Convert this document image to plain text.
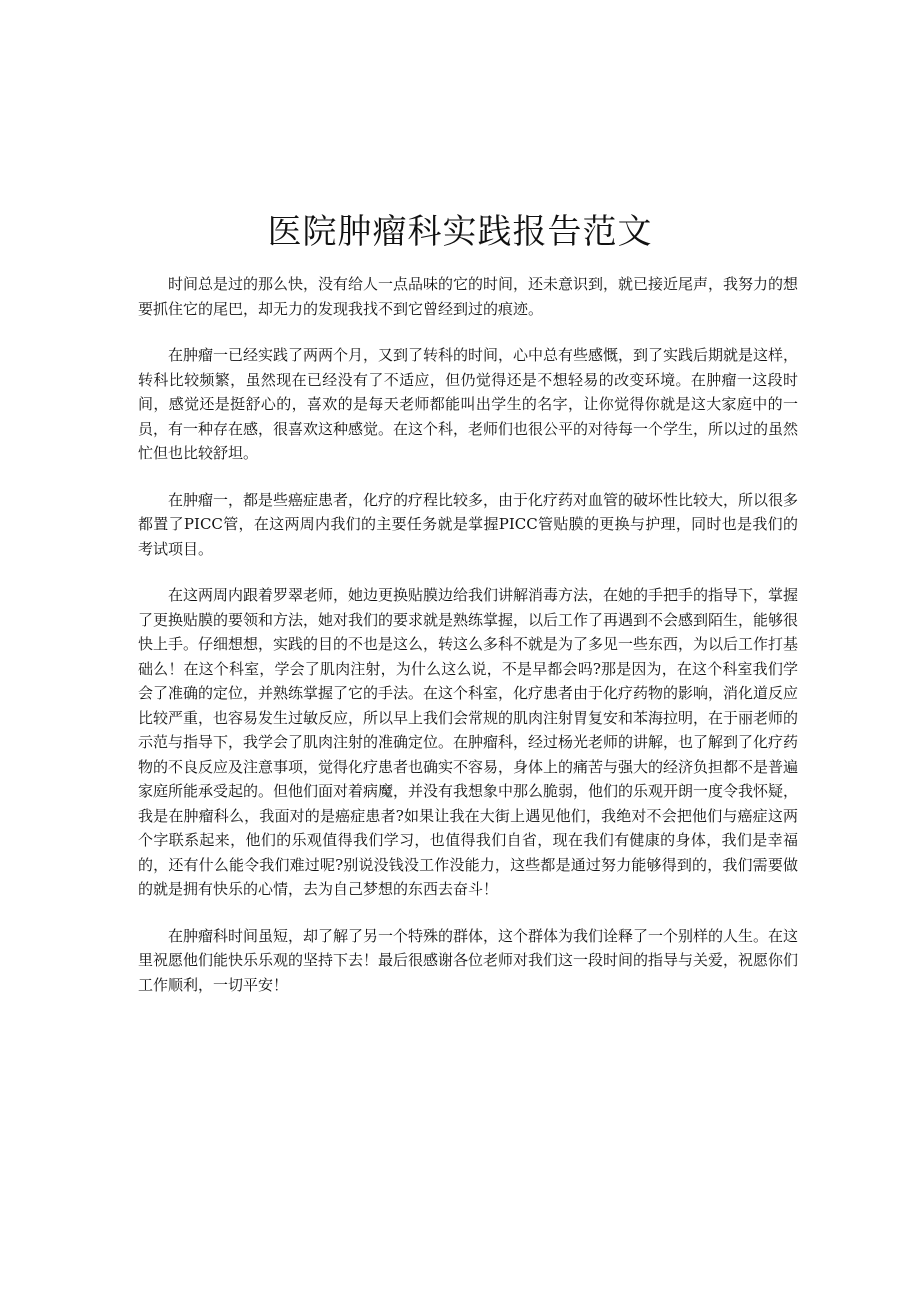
医院肿瘤科实践报告范文

时间总是过的那么快，没有给人一点品味的它的时间，还未意识到，就已接近尾声，我努力的想要抓住它的尾巴，却无力的发现我找不到它曾经到过的痕迹。

在肿瘤一已经实践了两两个月，又到了转科的时间，心中总有些感慨，到了实践后期就是这样，转科比较频繁，虽然现在已经没有了不适应，但仍觉得还是不想轻易的改变环境。在肿瘤一这段时间，感觉还是挺舒心的，喜欢的是每天老师都能叫出学生的名字，让你觉得你就是这大家庭中的一员，有一种存在感，很喜欢这种感觉。在这个科，老师们也很公平的对待每一个学生，所以过的虽然忙但也比较舒坦。

在肿瘤一，都是些癌症患者，化疗的疗程比较多，由于化疗药对血管的破坏性比较大，所以很多都置了PICC管，在这两周内我们的主要任务就是掌握PICC管贴膜的更换与护理，同时也是我们的考试项目。

在这两周内跟着罗翠老师，她边更换贴膜边给我们讲解消毒方法，在她的手把手的指导下，掌握了更换贴膜的要领和方法，她对我们的要求就是熟练掌握，以后工作了再遇到不会感到陌生，能够很快上手。仔细想想，实践的目的不也是这么，转这么多科不就是为了多见一些东西，为以后工作打基础么！在这个科室，学会了肌肉注射，为什么这么说，不是早都会吗?那是因为，在这个科室我们学会了准确的定位，并熟练掌握了它的手法。在这个科室，化疗患者由于化疗药物的影响，消化道反应比较严重，也容易发生过敏反应，所以早上我们会常规的肌肉注射胃复安和苯海拉明，在于丽老师的示范与指导下，我学会了肌肉注射的准确定位。在肿瘤科，经过杨光老师的讲解，也了解到了化疗药物的不良反应及注意事项，觉得化疗患者也确实不容易，身体上的痛苦与强大的经济负担都不是普遍家庭所能承受起的。但他们面对着病魔，并没有我想象中那么脆弱，他们的乐观开朗一度令我怀疑，我是在肿瘤科么，我面对的是癌症患者?如果让我在大街上遇见他们，我绝对不会把他们与癌症这两个字联系起来，他们的乐观值得我们学习，也值得我们自省，现在我们有健康的身体，我们是幸福的，还有什么能令我们难过呢?别说没钱没工作没能力，这些都是通过努力能够得到的，我们需要做的就是拥有快乐的心情，去为自己梦想的东西去奋斗！

在肿瘤科时间虽短，却了解了另一个特殊的群体，这个群体为我们诠释了一个别样的人生。在这里祝愿他们能快乐乐观的坚持下去！最后很感谢各位老师对我们这一段时间的指导与关爱，祝愿你们工作顺利，一切平安！
